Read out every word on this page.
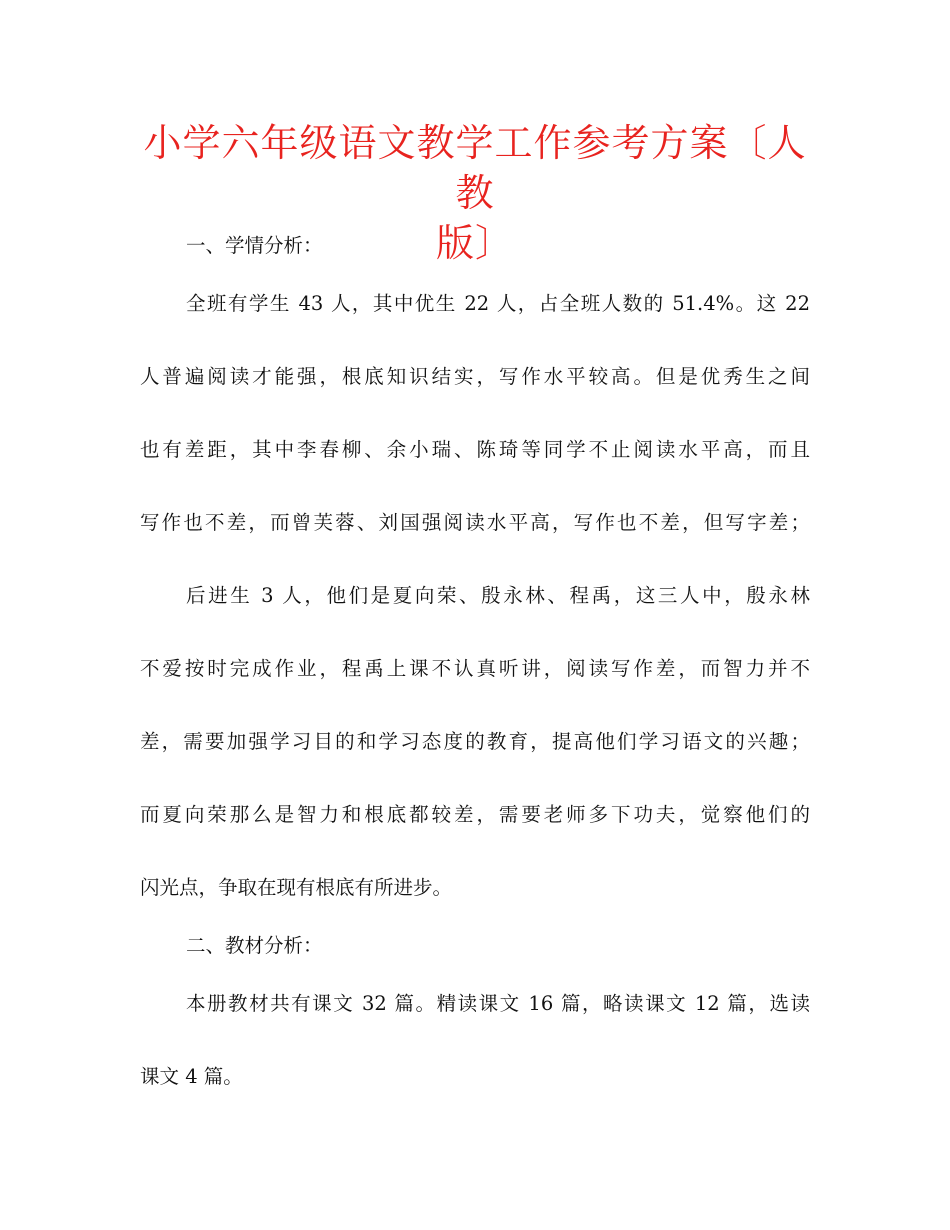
小学六年级语文教学工作参考方案〔人教
版〕
一、学情分析：
全班有学生 43 人，其中优生 22 人，占全班人数的 51.4%。这 22
人普遍阅读才能强，根底知识结实，写作水平较高。但是优秀生之间
也有差距，其中李春柳、余小瑞、陈琦等同学不止阅读水平高，而且
写作也不差，而曾芙蓉、刘国强阅读水平高，写作也不差，但写字差；
后进生 3 人，他们是夏向荣、殷永林、程禹，这三人中，殷永林
不爱按时完成作业，程禹上课不认真听讲，阅读写作差，而智力并不
差，需要加强学习目的和学习态度的教育，提高他们学习语文的兴趣；
而夏向荣那么是智力和根底都较差，需要老师多下功夫，觉察他们的
闪光点，争取在现有根底有所进步。
二、教材分析：
本册教材共有课文 32 篇。精读课文 16 篇，略读课文 12 篇，选读
课文 4 篇。
